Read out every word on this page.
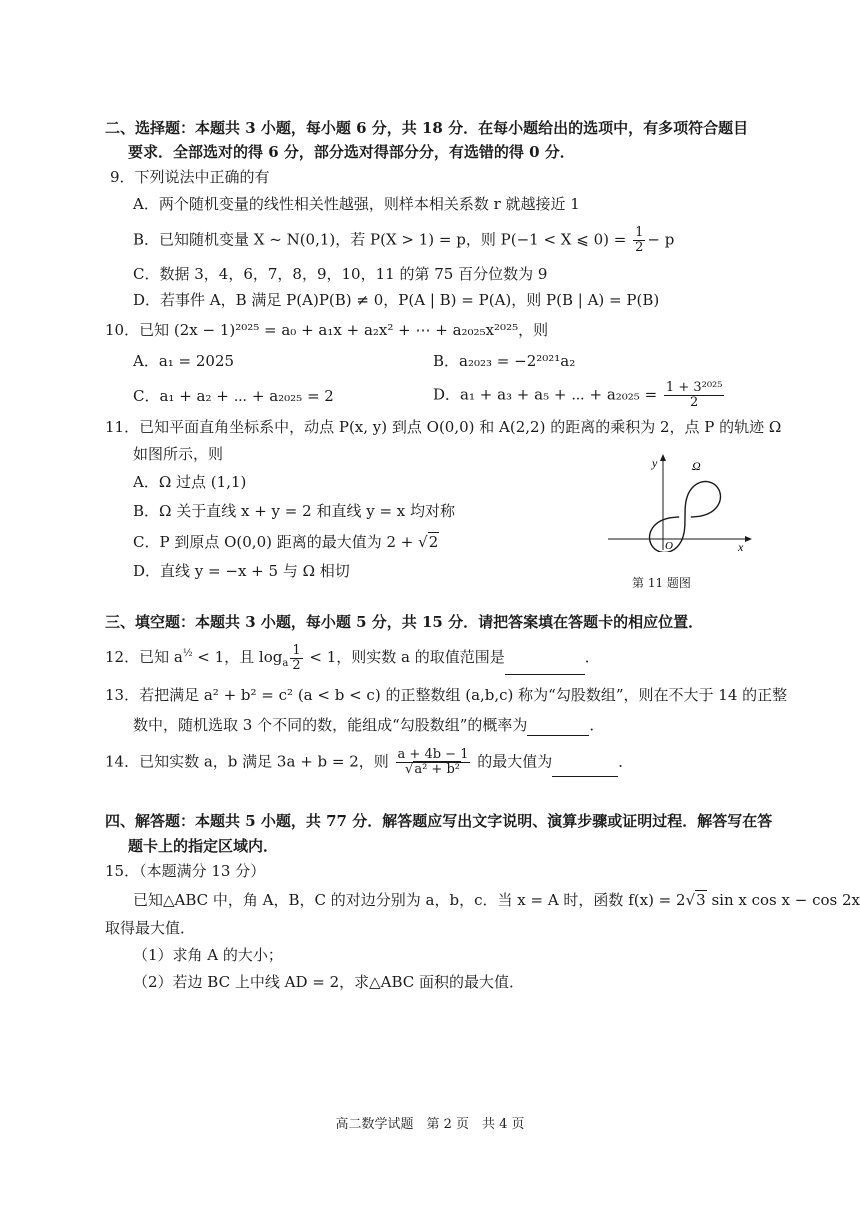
二、选择题：本题共 3 小题，每小题 6 分，共 18 分．在每小题给出的选项中，有多项符合题目
要求．全部选对的得 6 分，部分选对得部分分，有选错的得 0 分．
9．下列说法中正确的有
A．两个随机变量的线性相关性越强，则样本相关系数 r 就越接近 1
B．已知随机变量 X ~ N(0,1)，若 P(X > 1) = p，则 P(−1 < X ⩽ $0) = \frac{1}{2} - p$
C．数据 3，4，6，7，8，9，10，11 的第 75 百分位数为 9
D．若事件 A，B 满足 P(A)P(B) ≠ 0，P(A | B) = P(A)，则 P(B | A) = P(B)
10．已知 (2x − 1)²⁰²⁵ = a₀ + a₁x + a₂x² + ⋯ + a₂₀₂₅x²⁰²⁵，则
A．a₁ = 2025	B．a₂₀₂₃ = −2²⁰²¹a₂
C．a₁ + a₂ + ⋯ + a₂₀₂₅ = 2	D．a₁ + a₃ + a₅ + ⋯ + $a_{2025} = \frac{\text{1 + 3²⁰²⁵}}{2}$
11．已知平面直角坐标系中，动点 P(x, y) 到点 O(0,0) 和 A(2,2) 的距离的乘积为 2，点 P 的轨迹 Ω
如图所示，则
A．Ω 过点 (1,1)
B．Ω 关于直线 x + y = 2 和直线 y = x 均对称
C．P 到原点 O(0,0) 距离的最大值为 2 + √2
D．直线 y = −x + 5 与 Ω 相切
y
x
O
Ω
第 11 题图
三、填空题：本题共 3 小题，每小题 5 分，共 15 分．请把答案填在答题卡的相应位置．
12．已知 $a^{\frac{1}{2}} < 1$，且 $\log_a \frac{1}{2} < 1$，则实数 a 的取值范围是	．
13．若把满足 a² + b² = c² (a < b < c) 的正整数组 (a,b,c) 称为“勾股数组”，则在不大于 14 的正整
数中，随机选取 3 个不同的数，能组成“勾股数组”的概率为	．
14．已知实数 a，b 满足 3a + b = 2，则 $\frac{a + 4b - 1}{\text{√a² + b²}}$ 的最大值为	．
四、解答题：本题共 5 小题，共 77 分．解答题应写出文字说明、演算步骤或证明过程．解答写在答
题卡上的指定区域内．
15．（本题满分 13 分）
已知△ABC 中，角 A，B，C 的对边分别为 a，b，c．当 x = A 时，函数 f(x) = 2√3 sin x cos x − cos 2x
取得最大值．
（1）求角 A 的大小；
（2）若边 BC 上中线 AD = 2，求△ABC 面积的最大值．
高二数学试题　第 2 页　共 4 页
